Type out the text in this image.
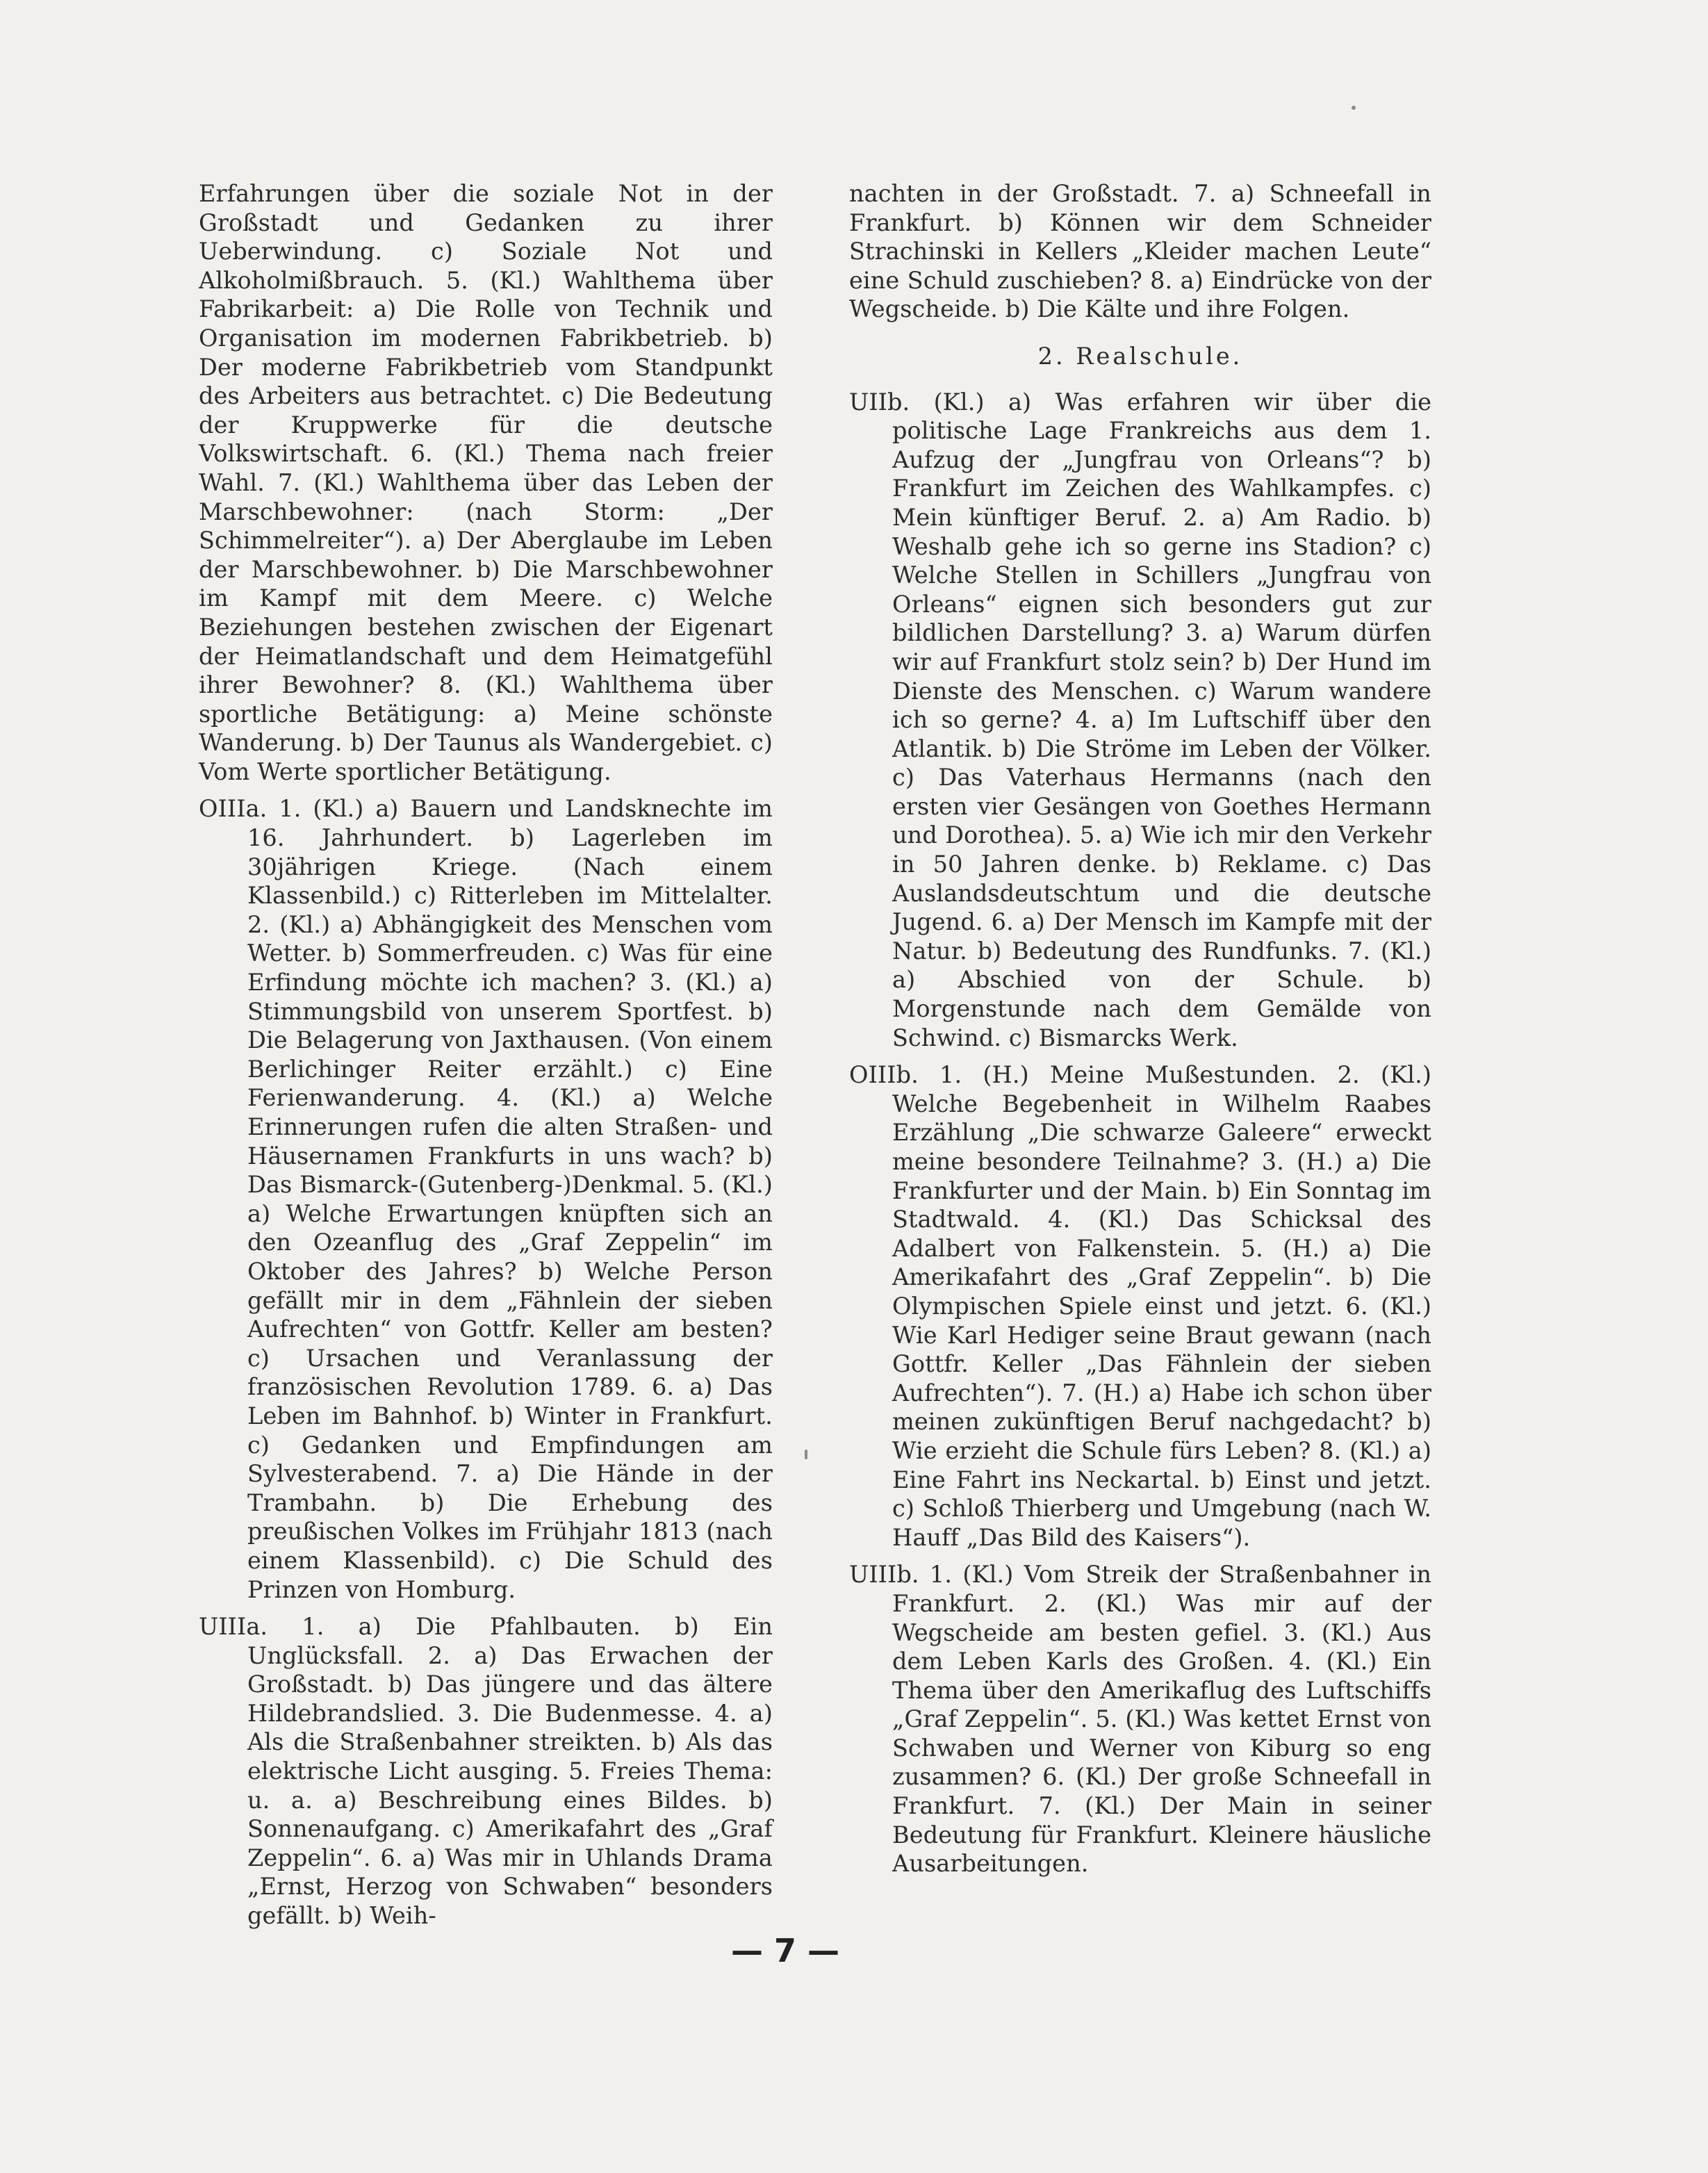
Erfahrungen über die soziale Not in der Großstadt und Gedanken zu ihrer Ueberwindung. c) Soziale Not und Alkoholmißbrauch. 5. (Kl.) Wahlthema über Fabrikarbeit: a) Die Rolle von Technik und Organisation im modernen Fabrikbetrieb. b) Der moderne Fabrikbetrieb vom Standpunkt des Arbeiters aus betrachtet. c) Die Bedeutung der Kruppwerke für die deutsche Volkswirtschaft. 6. (Kl.) Thema nach freier Wahl. 7. (Kl.) Wahlthema über das Leben der Marschbewohner: (nach Storm: „Der Schimmelreiter“). a) Der Aberglaube im Leben der Marschbewohner. b) Die Marschbewohner im Kampf mit dem Meere. c) Welche Beziehungen bestehen zwischen der Eigenart der Heimatlandschaft und dem Heimatgefühl ihrer Bewohner? 8. (Kl.) Wahlthema über sportliche Betätigung: a) Meine schönste Wanderung. b) Der Taunus als Wandergebiet. c) Vom Werte sportlicher Betätigung.

OIIIa. 1. (Kl.) a) Bauern und Landsknechte im 16. Jahrhundert. b) Lagerleben im 30jährigen Kriege. (Nach einem Klassenbild.) c) Ritterleben im Mittelalter. 2. (Kl.) a) Abhängigkeit des Menschen vom Wetter. b) Sommerfreuden. c) Was für eine Erfindung möchte ich machen? 3. (Kl.) a) Stimmungsbild von unserem Sportfest. b) Die Belagerung von Jaxthausen. (Von einem Berlichinger Reiter erzählt.) c) Eine Ferienwanderung. 4. (Kl.) a) Welche Erinnerungen rufen die alten Straßen- und Häusernamen Frankfurts in uns wach? b) Das Bismarck-(Gutenberg-)Denkmal. 5. (Kl.) a) Welche Erwartungen knüpften sich an den Ozeanflug des „Graf Zeppelin“ im Oktober des Jahres? b) Welche Person gefällt mir in dem „Fähnlein der sieben Aufrechten“ von Gottfr. Keller am besten? c) Ursachen und Veranlassung der französischen Revolution 1789. 6. a) Das Leben im Bahnhof. b) Winter in Frankfurt. c) Gedanken und Empfindungen am Sylvesterabend. 7. a) Die Hände in der Trambahn. b) Die Erhebung des preußischen Volkes im Frühjahr 1813 (nach einem Klassenbild). c) Die Schuld des Prinzen von Homburg.

UIIIa. 1. a) Die Pfahlbauten. b) Ein Unglücksfall. 2. a) Das Erwachen der Großstadt. b) Das jüngere und das ältere Hildebrandslied. 3. Die Budenmesse. 4. a) Als die Straßenbahner streikten. b) Als das elektrische Licht ausging. 5. Freies Thema: u. a. a) Beschreibung eines Bildes. b) Sonnenaufgang. c) Amerikafahrt des „Graf Zeppelin“. 6. a) Was mir in Uhlands Drama „Ernst, Herzog von Schwaben“ besonders gefällt. b) Weih-

nachten in der Großstadt. 7. a) Schneefall in Frankfurt. b) Können wir dem Schneider Strachinski in Kellers „Kleider machen Leute“ eine Schuld zuschieben? 8. a) Eindrücke von der Wegscheide. b) Die Kälte und ihre Folgen.

2. Realschule.

UIIb. (Kl.) a) Was erfahren wir über die politische Lage Frankreichs aus dem 1. Aufzug der „Jungfrau von Orleans“? b) Frankfurt im Zeichen des Wahlkampfes. c) Mein künftiger Beruf. 2. a) Am Radio. b) Weshalb gehe ich so gerne ins Stadion? c) Welche Stellen in Schillers „Jungfrau von Orleans“ eignen sich besonders gut zur bildlichen Darstellung? 3. a) Warum dürfen wir auf Frankfurt stolz sein? b) Der Hund im Dienste des Menschen. c) Warum wandere ich so gerne? 4. a) Im Luftschiff über den Atlantik. b) Die Ströme im Leben der Völker. c) Das Vaterhaus Hermanns (nach den ersten vier Gesängen von Goethes Hermann und Dorothea). 5. a) Wie ich mir den Verkehr in 50 Jahren denke. b) Reklame. c) Das Auslandsdeutschtum und die deutsche Jugend. 6. a) Der Mensch im Kampfe mit der Natur. b) Bedeutung des Rundfunks. 7. (Kl.) a) Abschied von der Schule. b) Morgenstunde nach dem Gemälde von Schwind. c) Bismarcks Werk.

OIIIb. 1. (H.) Meine Mußestunden. 2. (Kl.) Welche Begebenheit in Wilhelm Raabes Erzählung „Die schwarze Galeere“ erweckt meine besondere Teilnahme? 3. (H.) a) Die Frankfurter und der Main. b) Ein Sonntag im Stadtwald. 4. (Kl.) Das Schicksal des Adalbert von Falkenstein. 5. (H.) a) Die Amerikafahrt des „Graf Zeppelin“. b) Die Olympischen Spiele einst und jetzt. 6. (Kl.) Wie Karl Hediger seine Braut gewann (nach Gottfr. Keller „Das Fähnlein der sieben Aufrechten“). 7. (H.) a) Habe ich schon über meinen zukünftigen Beruf nachgedacht? b) Wie erzieht die Schule fürs Leben? 8. (Kl.) a) Eine Fahrt ins Neckartal. b) Einst und jetzt. c) Schloß Thierberg und Umgebung (nach W. Hauff „Das Bild des Kaisers“).

UIIIb. 1. (Kl.) Vom Streik der Straßenbahner in Frankfurt. 2. (Kl.) Was mir auf der Wegscheide am besten gefiel. 3. (Kl.) Aus dem Leben Karls des Großen. 4. (Kl.) Ein Thema über den Amerikaflug des Luftschiffs „Graf Zeppelin“. 5. (Kl.) Was kettet Ernst von Schwaben und Werner von Kiburg so eng zusammen? 6. (Kl.) Der große Schneefall in Frankfurt. 7. (Kl.) Der Main in seiner Bedeutung für Frankfurt. Kleinere häusliche Ausarbeitungen.

— 7 —
